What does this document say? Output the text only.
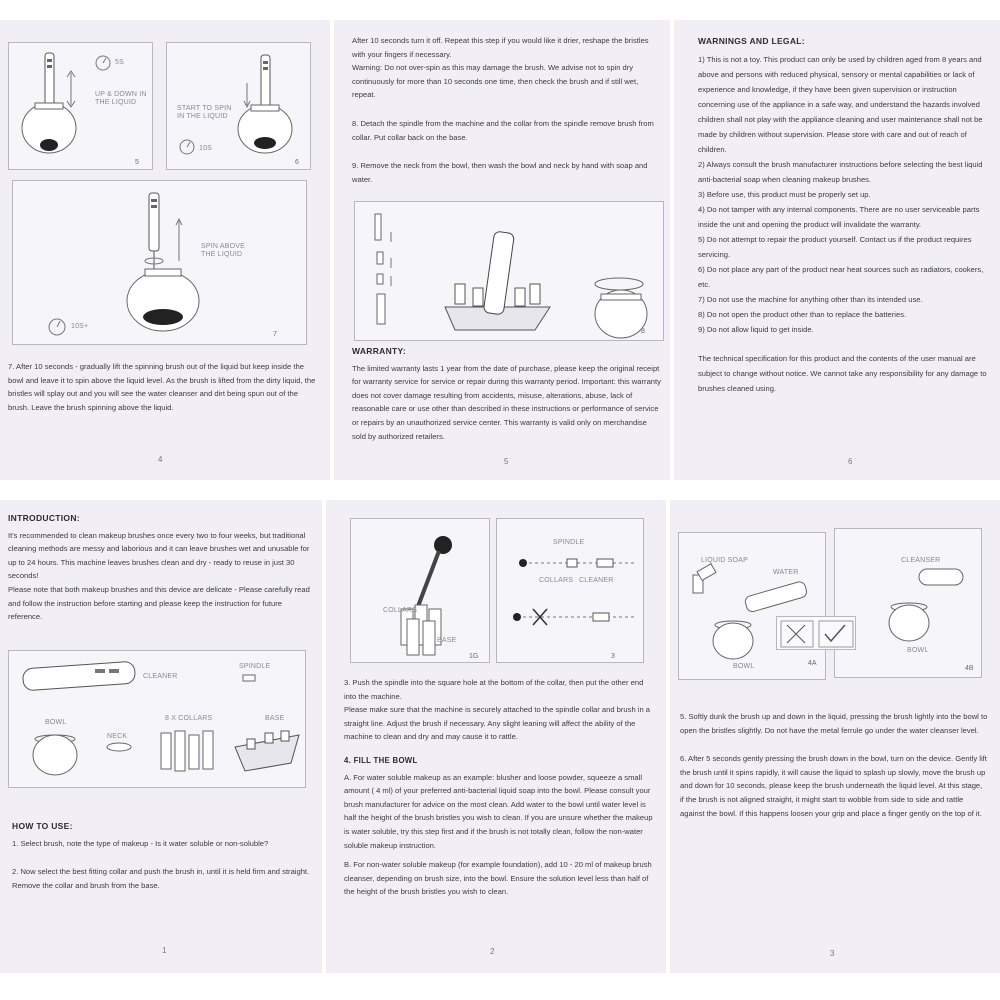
5S
UP & DOWN IN THE LIQUID
5
START TO SPIN IN THE LIQUID
10S
6
SPIN ABOVE THE LIQUID
10S+
7
7. After 10 seconds - gradually lift the spinning brush out of the liquid but keep inside the bowl and leave it to spin above the liquid level. As the brush is lifted from the dirty liquid, the bristles will splay out and you will see the water cleanser and dirt being spun out of the brush. Leave the brush spinning above the liquid.
4

After 10 seconds turn it off. Repeat this step if you would like it drier, reshape the bristles with your fingers if necessary.
Warning: Do not over-spin as this may damage the brush. We advise not to spin dry continuously for more than 10 seconds one time, then check the brush and if still wet, repeat.

8. Detach the spindle from the machine and the collar from the spindle remove brush from collar. Put collar back on the base.

9. Remove the neck from the bowl, then wash the bowl and neck by hand with soap and water.

8
WARRANTY:

The limited warranty lasts 1 year from the date of purchase, please keep the original receipt for warranty service for service or repair during this warranty period. Important: this warranty does not cover damage resulting from accidents, misuse, alterations, abuse, lack of reasonable care or use other than described in these instructions or performance of service or repairs by an unauthorized service center. This warranty is valid only on merchandise sold by authorized retailers.

5
WARNINGS AND LEGAL:
1) This is not a toy. This product can only be used by children aged from 8 years and above and persons with reduced physical, sensory or mental capabilities or lack of experience and knowledge, if they have been given supervision or instruction concerning use of the appliance in a safe way, and understand the hazards involved children shall not play with the appliance cleaning and user maintenance shall not be made by children without supervision. Please store with care and out of reach of children.
2) Always consult the brush manufacturer instructions before selecting the best liquid anti-bacterial soap when cleaning makeup brushes.
3) Before use, this product must be properly set up.
4) Do not tamper with any internal components. There are no user serviceable parts inside the unit and opening the product will invalidate the warranty.
5) Do not attempt to repair the product yourself. Contact us if the product requires servicing.
6) Do not place any part of the product near heat sources such as radiators, cookers, etc.
7) Do not use the machine for anything other than its intended use.
8) Do not open the product other than to replace the batteries.
9) Do not allow liquid to get inside.
The technical specification for this product and the contents of the user manual are subject to change without notice. We cannot take any responsibility for any damage to brushes cleaned using.
6
INTRODUCTION:

It's recommended to clean makeup brushes once every two to four weeks, but traditional cleaning methods are messy and laborious and it can leave brushes wet and unusable for up to 24 hours. This machine leaves brushes clean and dry - ready to reuse in just 30 seconds!

Please note that both makeup brushes and this device are delicate - Please carefully read and follow the instruction before starting and please keep the instruction for future reference.

CLEANER
SPINDLE
BOWL
NECK
8 X COLLARS	BASE
HOW TO USE:

1. Select brush, note the type of makeup - Is it water soluble or non-soluble?

2. Now select the best fitting collar and push the brush in, until it is held firm and straight. Remove the collar and brush from the base.

1
COLLARS
BASE
1G
SPINDLE
COLLARS CLEANER
3

3. Push the spindle into the square hole at the bottom of the collar, then put the other end into the machine.

Please make sure that the machine is securely attached to the spindle collar and brush in a straight line. Adjust the brush if necessary. Any slight leaning will affect the ability of the machine to clean and dry and may cause it to rattle.

4. FILL THE BOWL

A. For water soluble makeup as an example: blusher and loose powder, squeeze a small amount ( 4 ml) of your preferred anti-bacterial liquid soap into the bowl. Please consult your brush manufacturer for advice on the most clean. Add water to the bowl until water level is half the height of the brush bristles you wish to clean. If you are unsure whether the makeup is water soluble, try this step first and if the brush is not totally clean, follow the non-water soluble makeup instruction.

B. For non-water soluble makeup (for example foundation), add 10 - 20 ml of makeup brush cleanser, depending on brush size, into the bowl. Ensure the solution level less than half of the height of the brush bristles you wish to clean.

2
LIQUID SOAP
WATER
BOWL
CLEANSER
BOWL
4B
4A

5. Softly dunk the brush up and down in the liquid, pressing the brush lightly into the bowl to open the bristles slightly. Do not have the metal ferrule go under the water cleanser level.

6. After 5 seconds gently pressing the brush down in the bowl, turn on the device. Gently lift the brush until it spins rapidly, it will cause the liquid to splash up slowly, move the brush up and down for 10 seconds, please keep the brush underneath the liquid level. At this stage, if the brush is not aligned straight, it might start to wobble from side to side and rattle against the bowl. If this happens loosen your grip and place a finger gently on the top of it.

3
